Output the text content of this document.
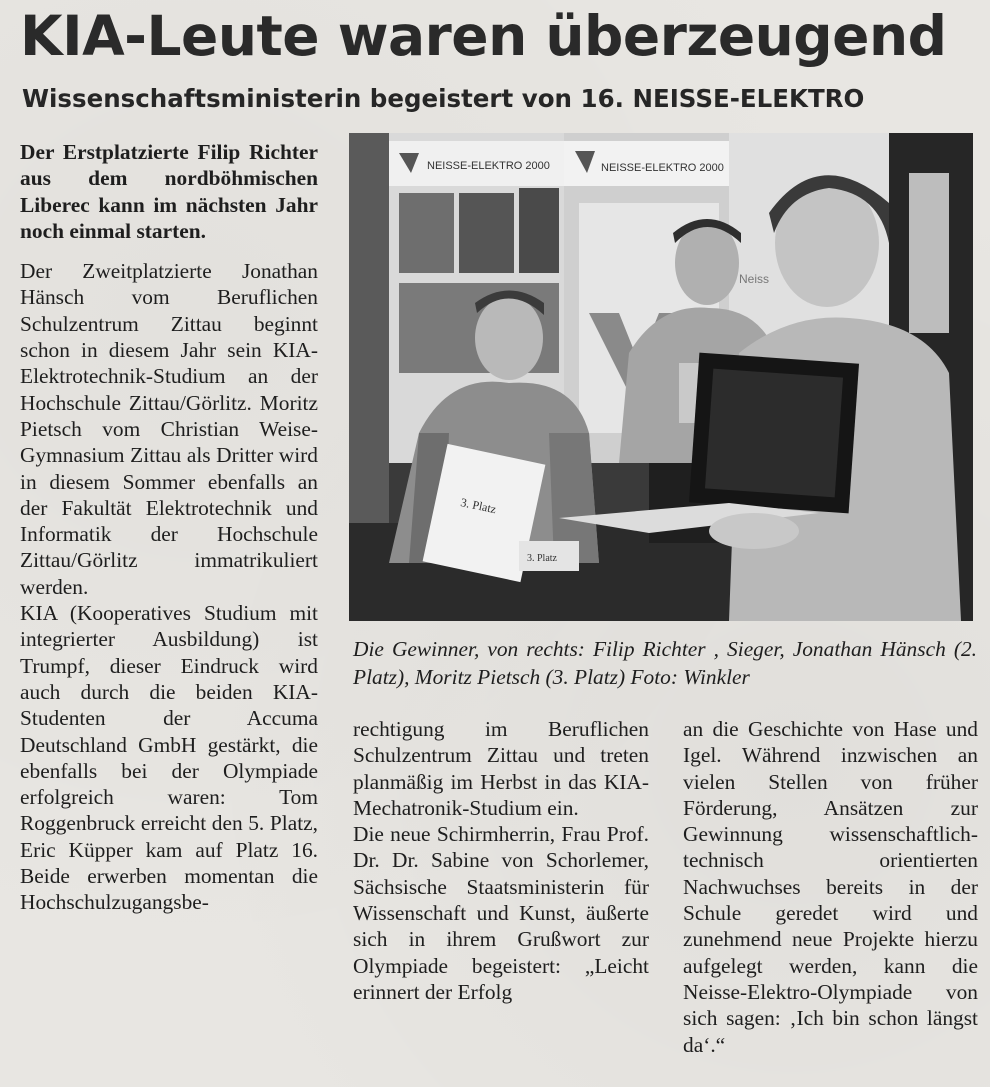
KIA-Leute waren überzeugend
Wissenschaftsministerin begeistert von 16. NEISSE-ELEKTRO

Der Erstplatzierte Filip Richter aus dem nordböhmischen Liberec kann im nächsten Jahr noch einmal starten.

Der Zweitplatzierte Jonathan Hänsch vom Beruflichen Schulzentrum Zittau beginnt schon in diesem Jahr sein KIA-Elektrotechnik-Studium an der Hochschule Zittau/Görlitz. Moritz Pietsch vom Christian Weise-Gymnasium Zittau als Dritter wird in diesem Sommer ebenfalls an der Fakultät Elektrotechnik und Informatik der Hochschule Zittau/Görlitz immatrikuliert werden.

KIA (Kooperatives Studium mit integrierter Ausbildung) ist Trumpf, dieser Eindruck wird auch durch die beiden KIA-Studenten der Accuma Deutschland GmbH gestärkt, die ebenfalls bei der Olympiade erfolgreich waren: Tom Roggenbruck erreicht den 5. Platz, Eric Küpper kam auf Platz 16. Beide erwerben momentan die Hochschulzugangsbe-

NEISSE-ELEKTRO 2000	NEISSE-ELEKTRO 2000
Neiss
3. Platz
3. Platz

Die Gewinner, von rechts: Filip Richter , Sieger, Jonathan Hänsch (2. Platz), Moritz Pietsch (3. Platz) Foto: Winkler

rechtigung im Beruflichen Schulzentrum Zittau und treten planmäßig im Herbst in das KIA-Mechatronik-Studium ein.

Die neue Schirmherrin, Frau Prof. Dr. Dr. Sabine von Schorlemer, Sächsische Staatsministerin für Wissenschaft und Kunst, äußerte sich in ihrem Grußwort zur Olympiade begeistert: „Leicht erinnert der Erfolg

an die Geschichte von Hase und Igel. Während inzwischen an vielen Stellen von früher Förderung, Ansätzen zur Gewinnung wissenschaftlich-technisch orientierten Nachwuchses bereits in der Schule geredet wird und zunehmend neue Projekte hierzu aufgelegt werden, kann die Neisse-Elektro-Olympiade von sich sagen: ‚Ich bin schon längst da‘.“
